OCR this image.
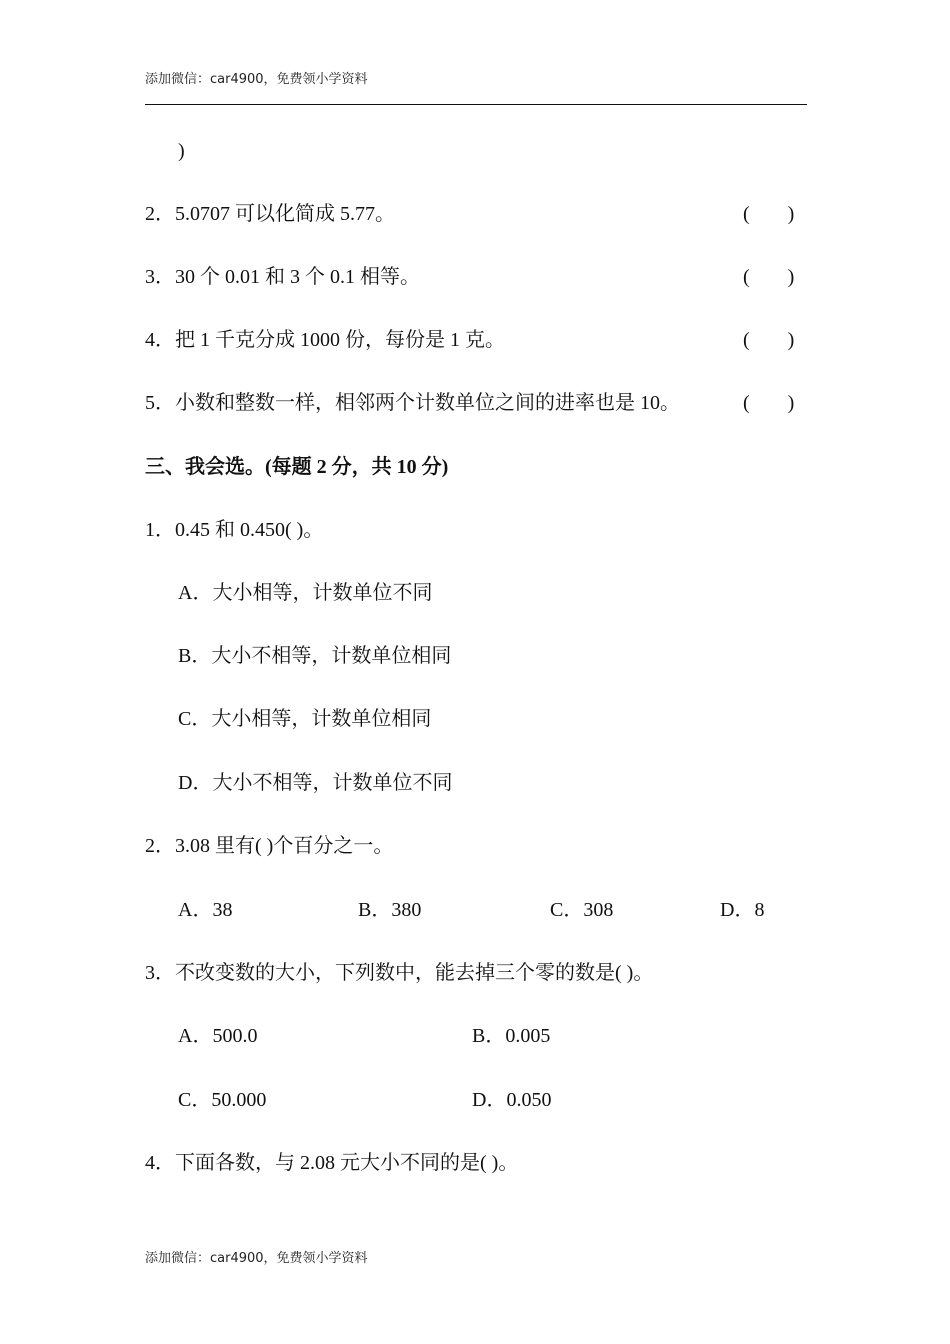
添加微信：car4900，免费领小学资料
)
2．5.0707 可以化简成 5.77。	( )
3．30 个 0.01 和 3 个 0.1 相等。	( )
4．把 1 千克分成 1000 份，每份是 1 克。	( )
5．小数和整数一样，相邻两个计数单位之间的进率也是 10。	( )
三、我会选。(每题 2 分，共 10 分)
1．0.45 和 0.450( )。
A．大小相等，计数单位不同
B．大小不相等，计数单位相同
C．大小相等，计数单位相同
D．大小不相等，计数单位不同
2．3.08 里有( )个百分之一。
A．38	B．380	C．308	D．8
3．不改变数的大小，下列数中，能去掉三个零的数是( )。
A．500.0	B．0.005
C．50.000	D．0.050
4．下面各数，与 2.08 元大小不同的是( )。
添加微信：car4900，免费领小学资料
